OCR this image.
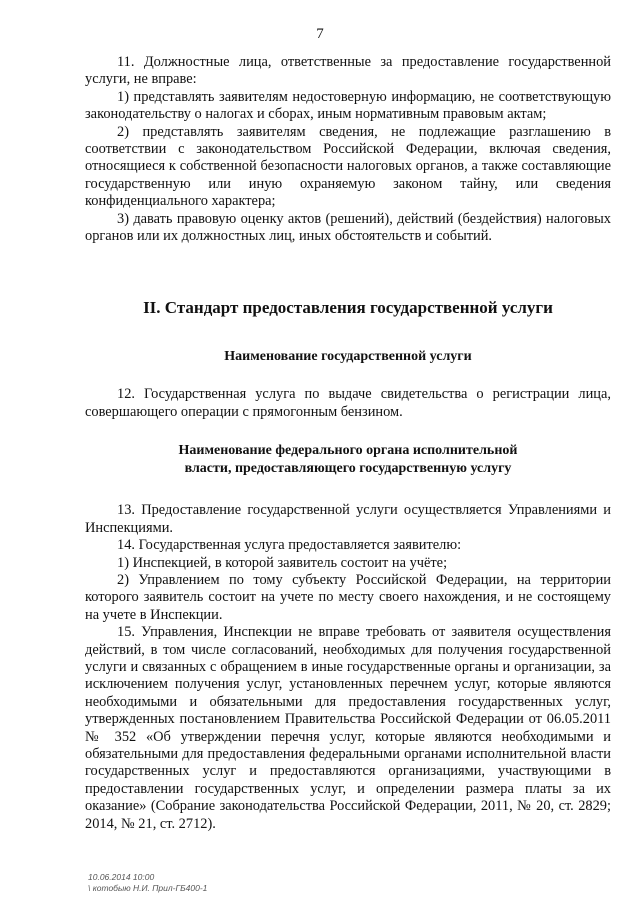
7

11. Должностные лица, ответственные за предоставление государственной услуги, не вправе:

1) представлять заявителям недостоверную информацию, не соответствующую законодательству о налогах и сборах, иным нормативным правовым актам;

2) представлять заявителям сведения, не подлежащие разглашению в соответствии с законодательством Российской Федерации, включая сведения, относящиеся к собственной безопасности налоговых органов, а также составляющие государственную или иную охраняемую законом тайну, или сведения конфиденциального характера;

3) давать правовую оценку актов (решений), действий (бездействия) налоговых органов или их должностных лиц, иных обстоятельств и событий.

II. Стандарт предоставления государственной услуги
Наименование государственной услуги

12. Государственная услуга по выдаче свидетельства о регистрации лица, совершающего операции с прямогонным бензином.

Наименование федерального органа исполнительной
власти, предоставляющего государственную услугу

13. Предоставление государственной услуги осуществляется Управлениями и Инспекциями.

14. Государственная услуга предоставляется заявителю:

1) Инспекцией, в которой заявитель состоит на учёте;

2) Управлением по тому субъекту Российской Федерации, на территории которого заявитель состоит на учете по месту своего нахождения, и не состоящему на учете в Инспекции.

15. Управления, Инспекции не вправе требовать от заявителя осуществления действий, в том числе согласований, необходимых для получения государственной услуги и связанных с обращением в иные государственные органы и организации, за исключением получения услуг, установленных перечнем услуг, которые являются необходимыми и обязательными для предоставления государственных услуг, утвержденных постановлением Правительства Российской Федерации от 06.05.2011 № 352 «Об утверждении перечня услуг, которые являются необходимыми и обязательными для предоставления федеральными органами исполнительной власти государственных услуг и предоставляются организациями, участвующими в предоставлении государственных услуг, и определении размера платы за их оказание» (Собрание законодательства Российской Федерации, 2011, № 20, ст. 2829; 2014, № 21, ст. 2712).

10.06.2014 10:00
\ котобыю Н.И. Прил-ГБ400-1
